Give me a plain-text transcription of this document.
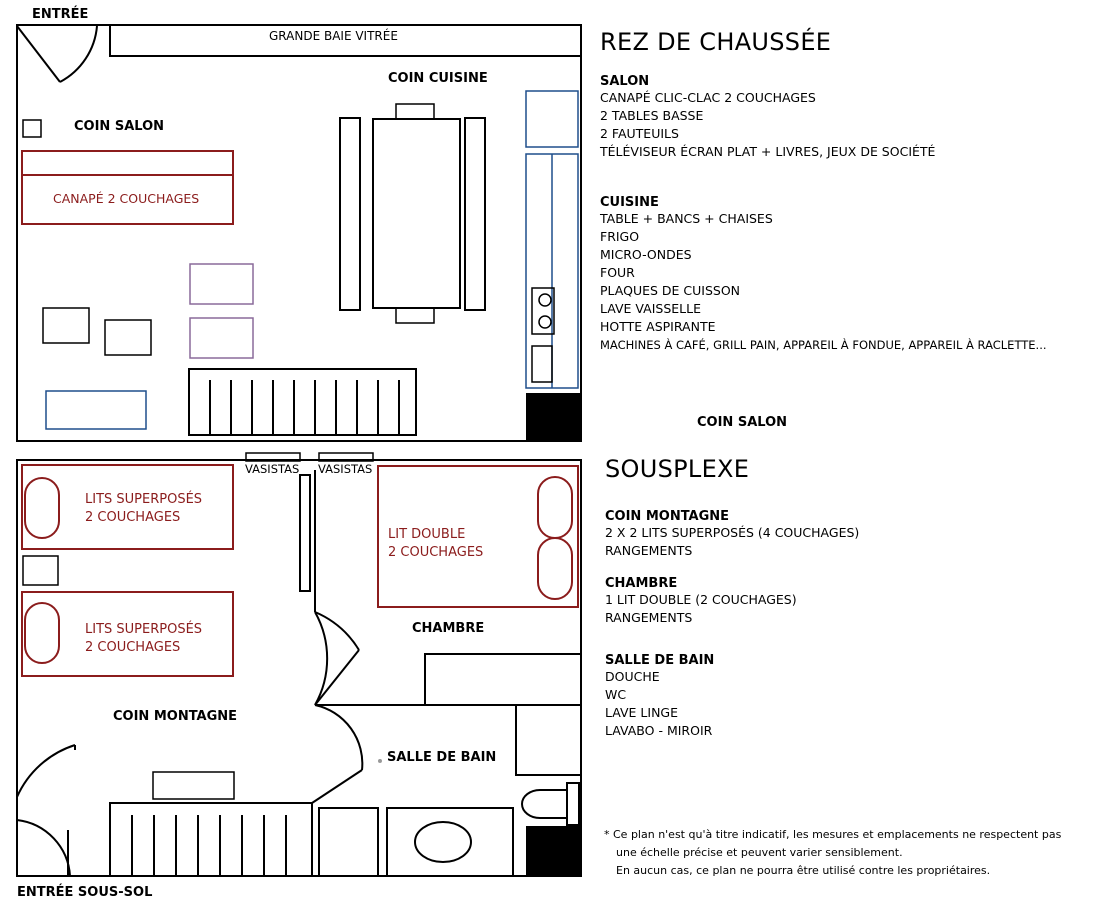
ENTRÉE
GRANDE BAIE VITRÉE
COIN CUISINE
COIN SALON
CANAPÉ 2 COUCHAGES
VASISTAS VASISTAS
LITS SUPERPOSÉS
2 COUCHAGES
LITS SUPERPOSÉS
2 COUCHAGES
LIT DOUBLE
2 COUCHAGES
CHAMBRE
COIN MONTAGNE
SALLE DE BAIN
ENTRÉE SOUS-SOL
REZ DE CHAUSSÉE
SALON
CANAPÉ CLIC-CLAC 2 COUCHAGES
2 TABLES BASSE
2 FAUTEUILS
TÉLÉVISEUR ÉCRAN PLAT + LIVRES, JEUX DE SOCIÉTÉ
CUISINE
TABLE + BANCS + CHAISES
FRIGO
MICRO-ONDES
FOUR
PLAQUES DE CUISSON
LAVE VAISSELLE
HOTTE ASPIRANTE
MACHINES À CAFÉ, GRILL PAIN, APPAREIL À FONDUE, APPAREIL À RACLETTE...
COIN SALON
SOUSPLEXE
COIN MONTAGNE
2 X 2 LITS SUPERPOSÉS (4 COUCHAGES)
RANGEMENTS
CHAMBRE
1 LIT DOUBLE (2 COUCHAGES)
RANGEMENTS
SALLE DE BAIN
DOUCHE
WC
LAVE LINGE
LAVABO - MIROIR
* Ce plan n'est qu'à titre indicatif, les mesures et emplacements ne respectent pas
une échelle précise et peuvent varier sensiblement.
En aucun cas, ce plan ne pourra être utilisé contre les propriétaires.
